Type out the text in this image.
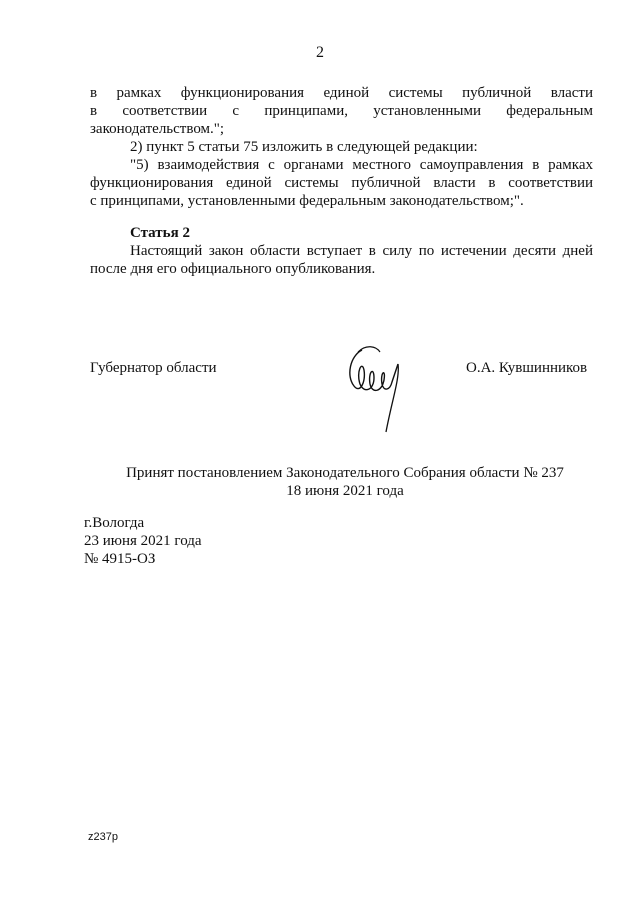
2
в рамках функционирования единой системы публичной власти
в соответствии с принципами, установленными федеральным
законодательством.";
2) пункт 5 статьи 75 изложить в следующей редакции:
"5) взаимодействия с органами местного самоуправления в рамках
функционирования единой системы публичной власти в соответствии
с принципами, установленными федеральным законодательством;".
Статья 2
Настоящий закон области вступает в силу по истечении десяти дней
после дня его официального опубликования.
Губернатор области	О.А. Кувшинников
Принят постановлением Законодательного Собрания области № 237
18 июня 2021 года
г.Вологда
23 июня 2021 года
№ 4915-ОЗ
z237р
